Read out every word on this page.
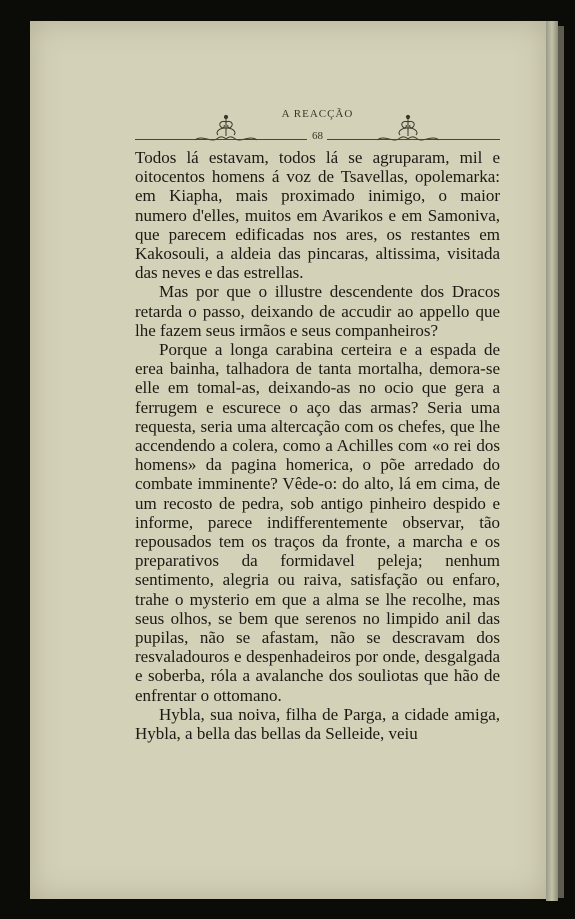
A REACÇÃO
68

Todos lá estavam, todos lá se agruparam, mil e oitocentos homens á voz de Tsavellas, opolemarka: em Kiapha, mais proximado inimigo, o maior numero d'elles, muitos em Avarikos e em Samoniva, que parecem edificadas nos ares, os restantes em Kakosouli, a aldeia das pincaras, altissima, visitada das neves e das estrellas.

Mas por que o illustre descendente dos Dracos retarda o passo, deixando de accudir ao appello que lhe fazem seus irmãos e seus companheiros?

Porque a longa carabina certeira e a espada de erea bainha, talhadora de tanta mortalha, demora-se elle em tomal-as, deixando-as no ocio que gera a ferrugem e escurece o aço das armas? Seria uma requesta, seria uma altercação com os chefes, que lhe accendendo a colera, como a Achilles com «o rei dos homens» da pagina homerica, o põe arredado do combate imminente? Vêde-o: do alto, lá em cima, de um recosto de pedra, sob antigo pinheiro despido e informe, parece indifferentemente observar, tão repousados tem os traços da fronte, a marcha e os preparativos da formidavel peleja; nenhum sentimento, alegria ou raiva, satisfação ou enfaro, trahe o mysterio em que a alma se lhe recolhe, mas seus olhos, se bem que serenos no limpido anil das pupilas, não se afastam, não se descravam dos resvaladouros e despenhadeiros por onde, desgalgada e soberba, róla a avalanche dos souliotas que hão de enfrentar o ottomano.

Hybla, sua noiva, filha de Parga, a cidade amiga, Hybla, a bella das bellas da Selleide, veiu
